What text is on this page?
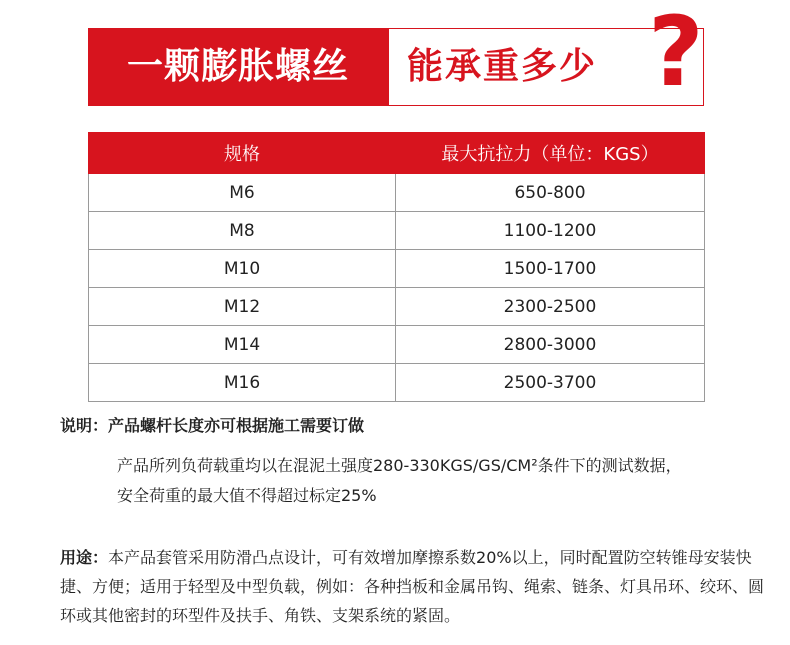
一颗膨胀螺丝	能承重多少 ?
规格	最大抗拉力（单位：KGS）
M6	650-800
M8	1100-1200
M10	1500-1700
M12	2300-2500
M14	2800-3000
M16	2500-3700
说明：产品螺杆长度亦可根据施工需要订做
产品所列负荷载重均以在混泥土强度280-330KGS/GS/CM²条件下的测试数据，
安全荷重的最大值不得超过标定25%
用途：本产品套管采用防滑凸点设计，可有效增加摩擦系数20%以上，同时配置防空转锥母安装快捷、方便；适用于轻型及中型负载，例如：各种挡板和金属吊钩、绳索、链条、灯具吊环、绞环、圆环或其他密封的环型件及扶手、角铁、支架系统的紧固。
